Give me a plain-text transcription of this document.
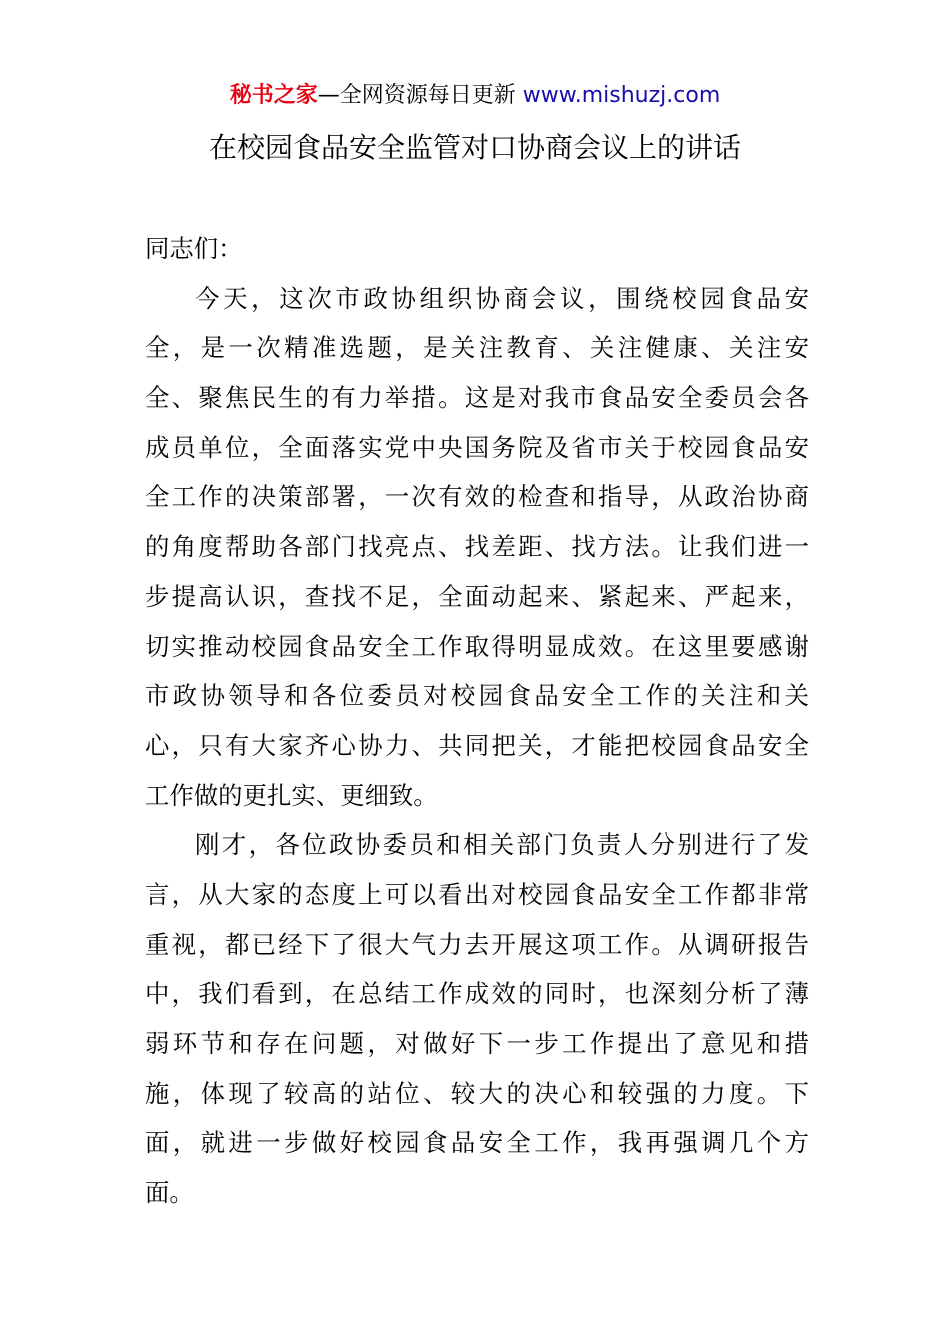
秘书之家—全网资源每日更新 www.mishuzj.com
在校园食品安全监管对口协商会议上的讲话
同志们：
今天，这次市政协组织协商会议，围绕校园食品安
全，是一次精准选题，是关注教育、关注健康、关注安
全、聚焦民生的有力举措。这是对我市食品安全委员会各
成员单位，全面落实党中央国务院及省市关于校园食品安
全工作的决策部署，一次有效的检查和指导，从政治协商
的角度帮助各部门找亮点、找差距、找方法。让我们进一
步提高认识，查找不足，全面动起来、紧起来、严起来，
切实推动校园食品安全工作取得明显成效。在这里要感谢
市政协领导和各位委员对校园食品安全工作的关注和关
心，只有大家齐心协力、共同把关，才能把校园食品安全
工作做的更扎实、更细致。
刚才，各位政协委员和相关部门负责人分别进行了发
言，从大家的态度上可以看出对校园食品安全工作都非常
重视，都已经下了很大气力去开展这项工作。从调研报告
中，我们看到，在总结工作成效的同时，也深刻分析了薄
弱环节和存在问题，对做好下一步工作提出了意见和措
施，体现了较高的站位、较大的决心和较强的力度。下
面，就进一步做好校园食品安全工作，我再强调几个方
面。
